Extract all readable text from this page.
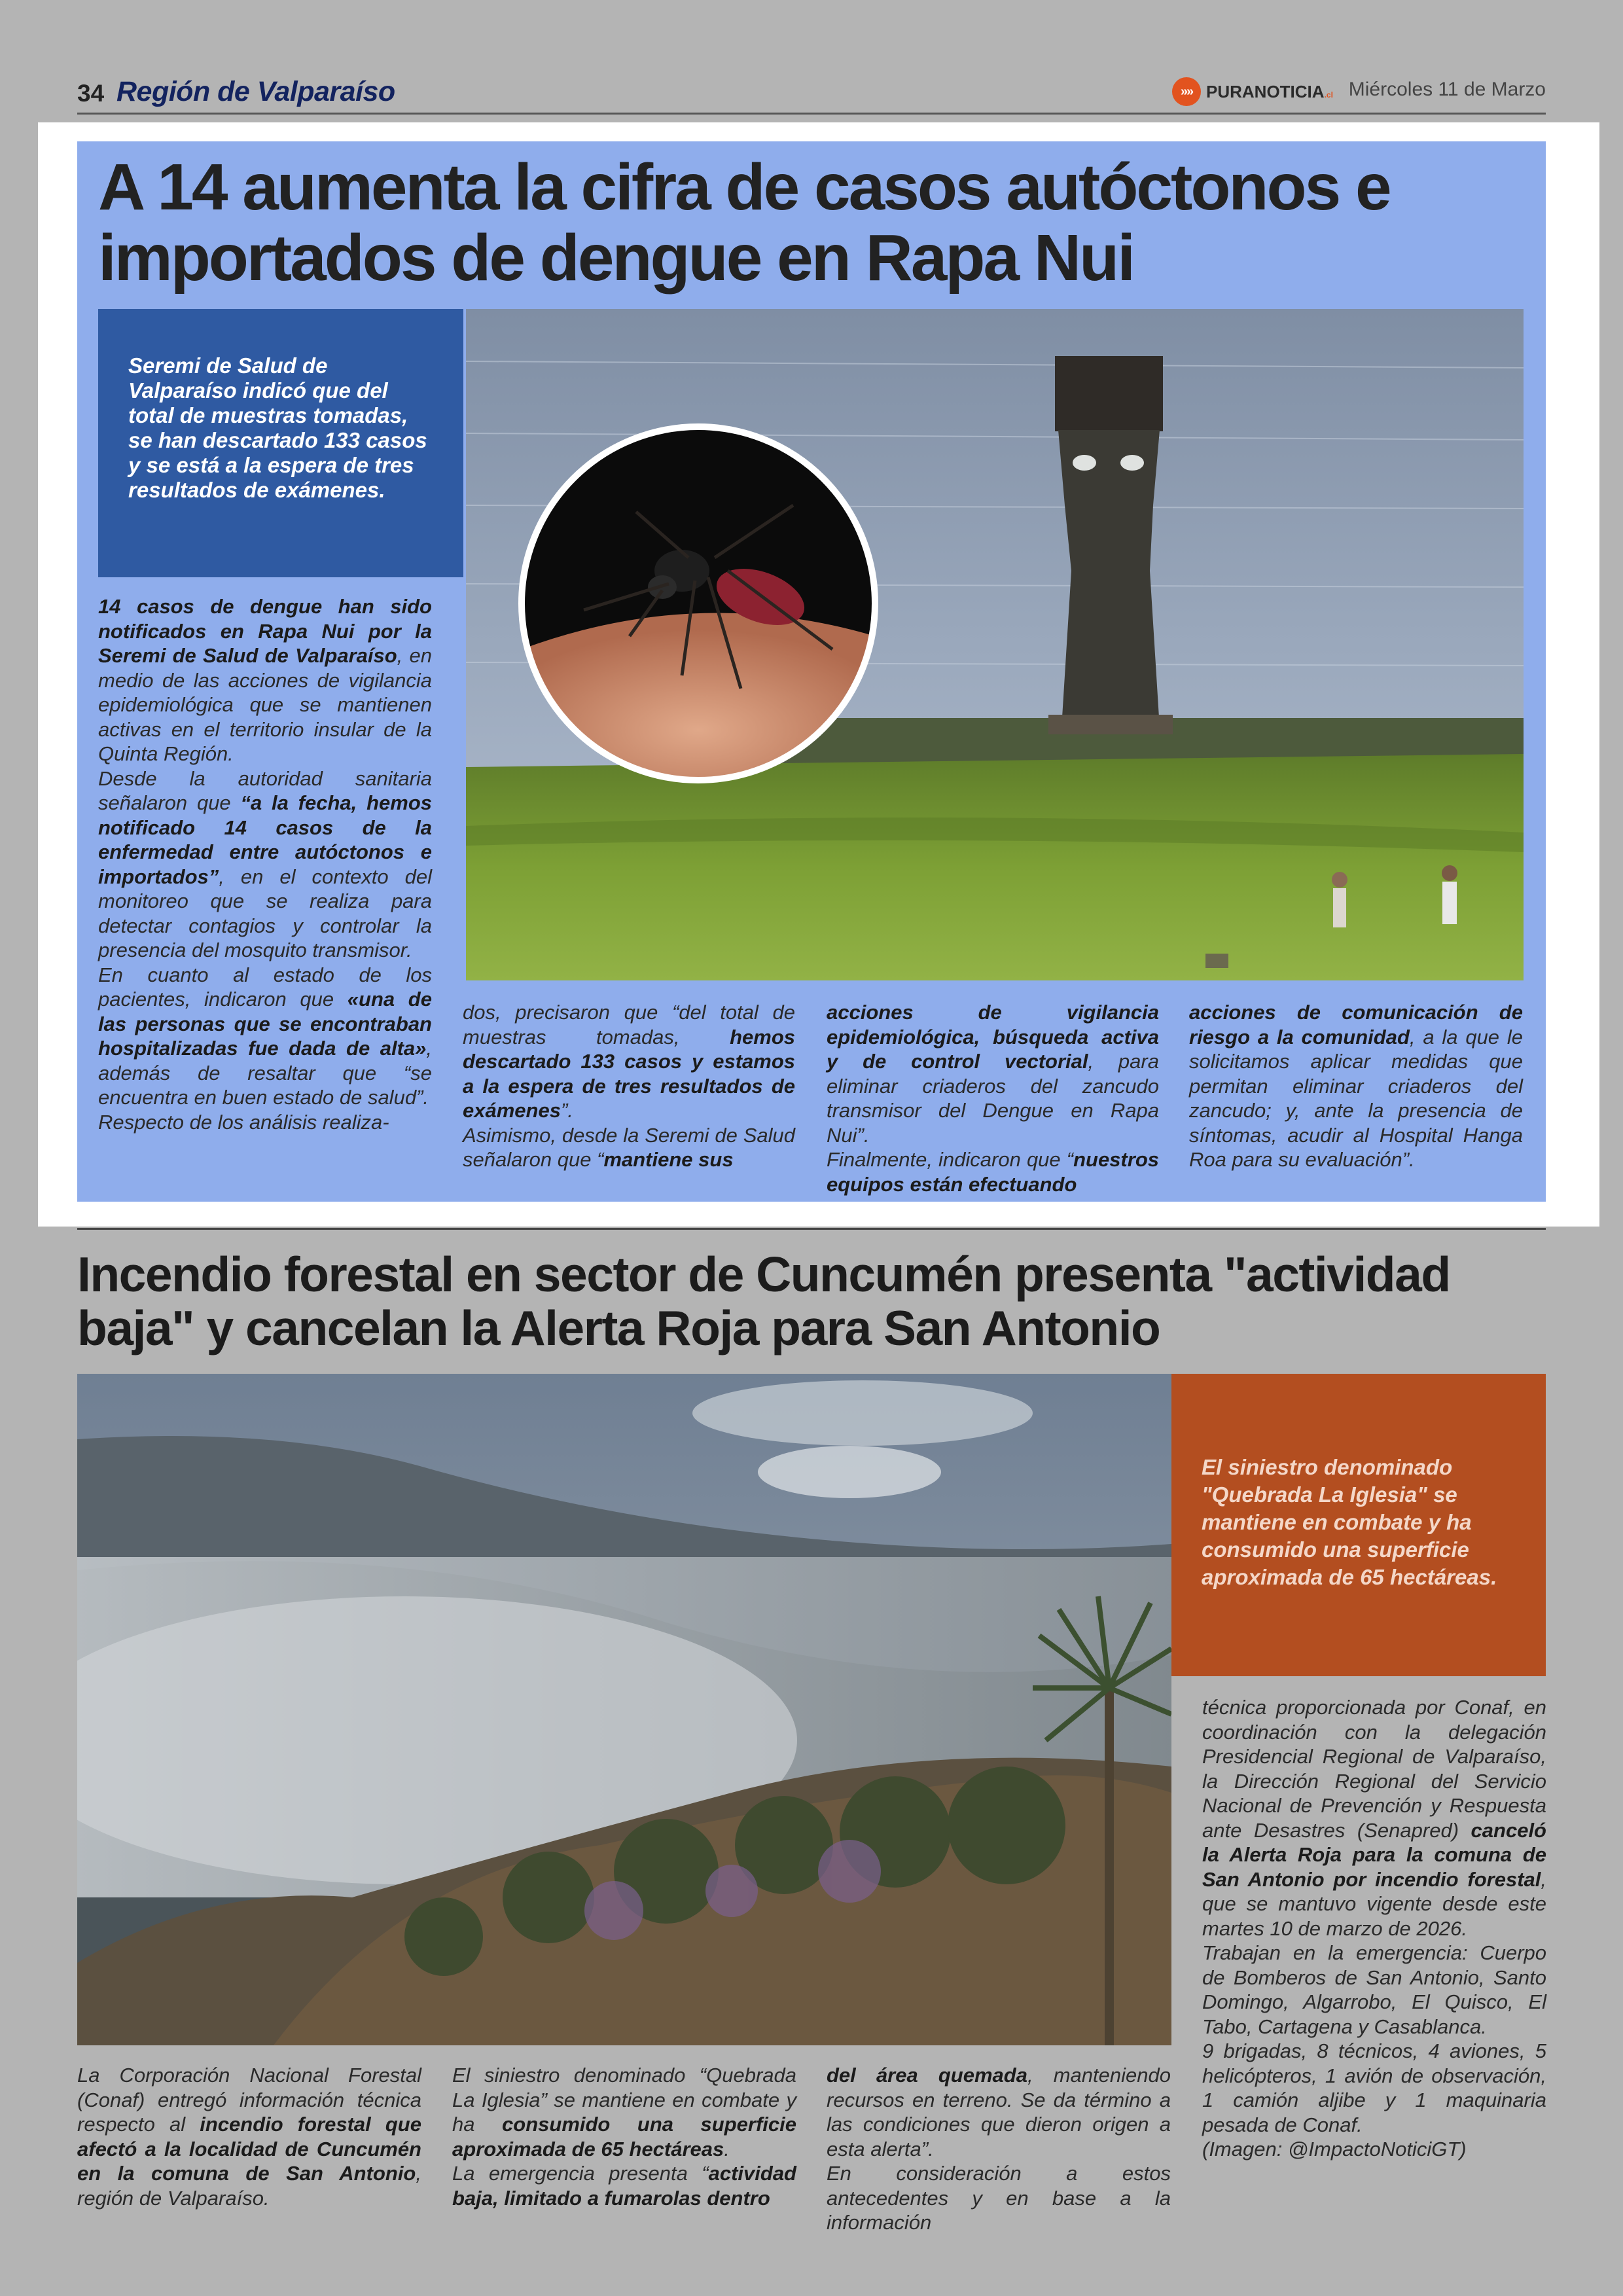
34 Región de Valparaíso	»» PURANOTICIA.cl Miércoles 11 de Marzo
A 14 aumenta la cifra de casos autóctonos e importados de dengue en Rapa Nui
Seremi de Salud de Valparaíso indicó que del total de muestras tomadas, se han descartado 133 casos y se está a la espera de tres resultados de exámenes.

14 casos de dengue han sido notificados en Rapa Nui por la Seremi de Salud de Valparaíso, en medio de las acciones de vigilancia epidemiológica que se mantienen activas en el territorio insular de la Quinta Región.

Desde la autoridad sanitaria señalaron que “a la fecha, hemos notificado 14 casos de la enfermedad entre autóctonos e importados”, en el contexto del monitoreo que se realiza para detectar contagios y controlar la presencia del mosquito transmisor.

En cuanto al estado de los pacientes, indicaron que «una de las personas que se encontraban hospitalizadas fue dada de alta», además de resaltar que “se encuentra en buen estado de salud”.

Respecto de los análisis realiza-

dos, precisaron que “del total de muestras tomadas, hemos descartado 133 casos y estamos a la espera de tres resultados de exámenes”.

Asimismo, desde la Seremi de Salud señalaron que “mantiene sus

acciones de vigilancia epidemiológica, búsqueda activa y de control vectorial, para eliminar criaderos del zancudo transmisor del Dengue en Rapa Nui”.

Finalmente, indicaron que “nuestros equipos están efectuando

acciones de comunicación de riesgo a la comunidad, a la que le solicitamos aplicar medidas que permitan eliminar criaderos del zancudo; y, ante la presencia de síntomas, acudir al Hospital Hanga Roa para su evaluación”.

Incendio forestal en sector de Cuncumén presenta "actividad baja" y cancelan la Alerta Roja para San Antonio
El siniestro denominado "Quebrada La Iglesia" se mantiene en combate y ha consumido una superficie aproximada de 65 hectáreas.

técnica proporcionada por Conaf, en coordinación con la delegación Presidencial Regional de Valparaíso, la Dirección Regional del Servicio Nacional de Prevención y Respuesta ante Desastres (Senapred) canceló la Alerta Roja para la comuna de San Antonio por incendio forestal, que se mantuvo vigente desde este martes 10 de marzo de 2026.

Trabajan en la emergencia: Cuerpo de Bomberos de San Antonio, Santo Domingo, Algarrobo, El Quisco, El Tabo, Cartagena y Casablanca.

9 brigadas, 8 técnicos, 4 aviones, 5 helicópteros, 1 avión de observación, 1 camión aljibe y 1 maquinaria pesada de Conaf.

(Imagen: @ImpactoNoticiGT)

La Corporación Nacional Forestal (Conaf) entregó información técnica respecto al incendio forestal que afectó a la localidad de Cuncumén en la comuna de San Antonio, región de Valparaíso.

El siniestro denominado “Quebrada La Iglesia” se mantiene en combate y ha consumido una superficie aproximada de 65 hectáreas.

La emergencia presenta “actividad baja, limitado a fumarolas dentro

del área quemada, manteniendo recursos en terreno. Se da término a las condiciones que dieron origen a esta alerta”.

En consideración a estos antecedentes y en base a la información
